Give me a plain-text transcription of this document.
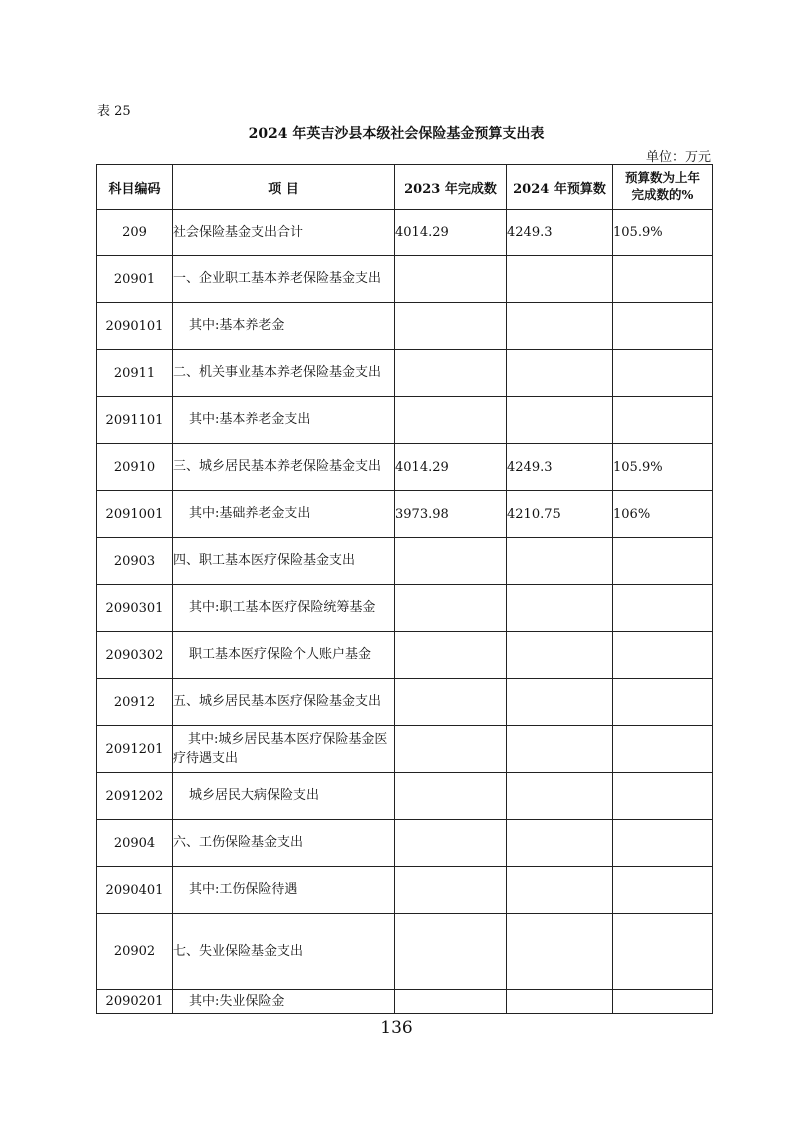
表 25
2024 年英吉沙县本级社会保险基金预算支出表
单位：万元
科目编码	项 目	2023 年完成数	2024 年预算数	预算数为上年
完成数的%
209	社会保险基金支出合计	4014.29	4249.3	105.9%
20901	一、企业职工基本养老保险基金支出			
2090101	其中:基本养老金			
20911	二、机关事业基本养老保险基金支出			
2091101	其中:基本养老金支出			
20910	三、城乡居民基本养老保险基金支出	4014.29	4249.3	105.9%
2091001	其中:基础养老金支出	3973.98	4210.75	106%
20903	四、职工基本医疗保险基金支出			
2090301	其中:职工基本医疗保险统筹基金			
2090302	职工基本医疗保险个人账户基金			
20912	五、城乡居民基本医疗保险基金支出			
2091201	其中:城乡居民基本医疗保险基金医疗待遇支出			
2091202	城乡居民大病保险支出			
20904	六、工伤保险基金支出			
2090401	其中:工伤保险待遇			
20902	七、失业保险基金支出			
2090201	其中:失业保险金			
136
